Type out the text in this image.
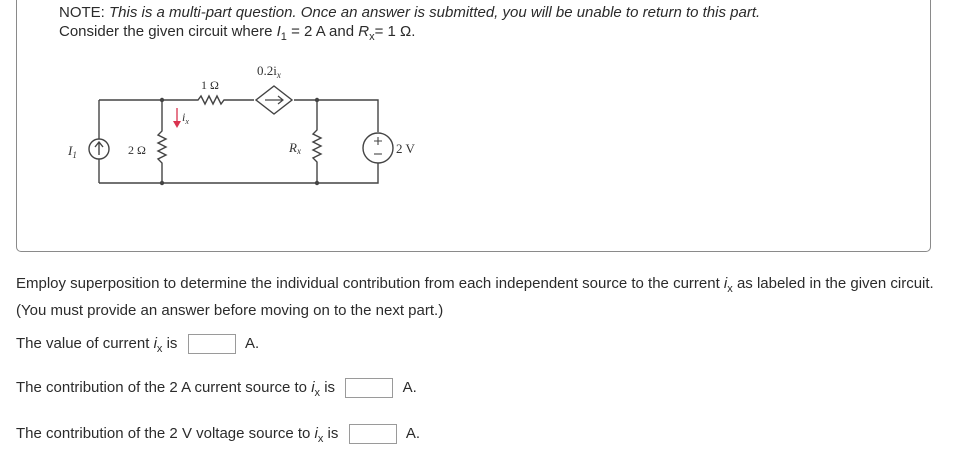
NOTE: This is a multi-part question. Once an answer is submitted, you will be unable to return to this part.
Consider the given circuit where $I_1 = 2$ A and $R_x= 1$ Ω.
1 Ω
$0.2i_x$
$i_x$
$I_1$	2 Ω	Rx	2 V
Employ superposition to determine the individual contribution from each independent source to the current $i_x$ as labeled in the given circuit. (You must provide an answer before moving on to the next part.)
The value of current $i_x$ is	A.
The contribution of the 2 A current source to $i_x$ is	A.
The contribution of the 2 V voltage source to $i_x$ is	A.
